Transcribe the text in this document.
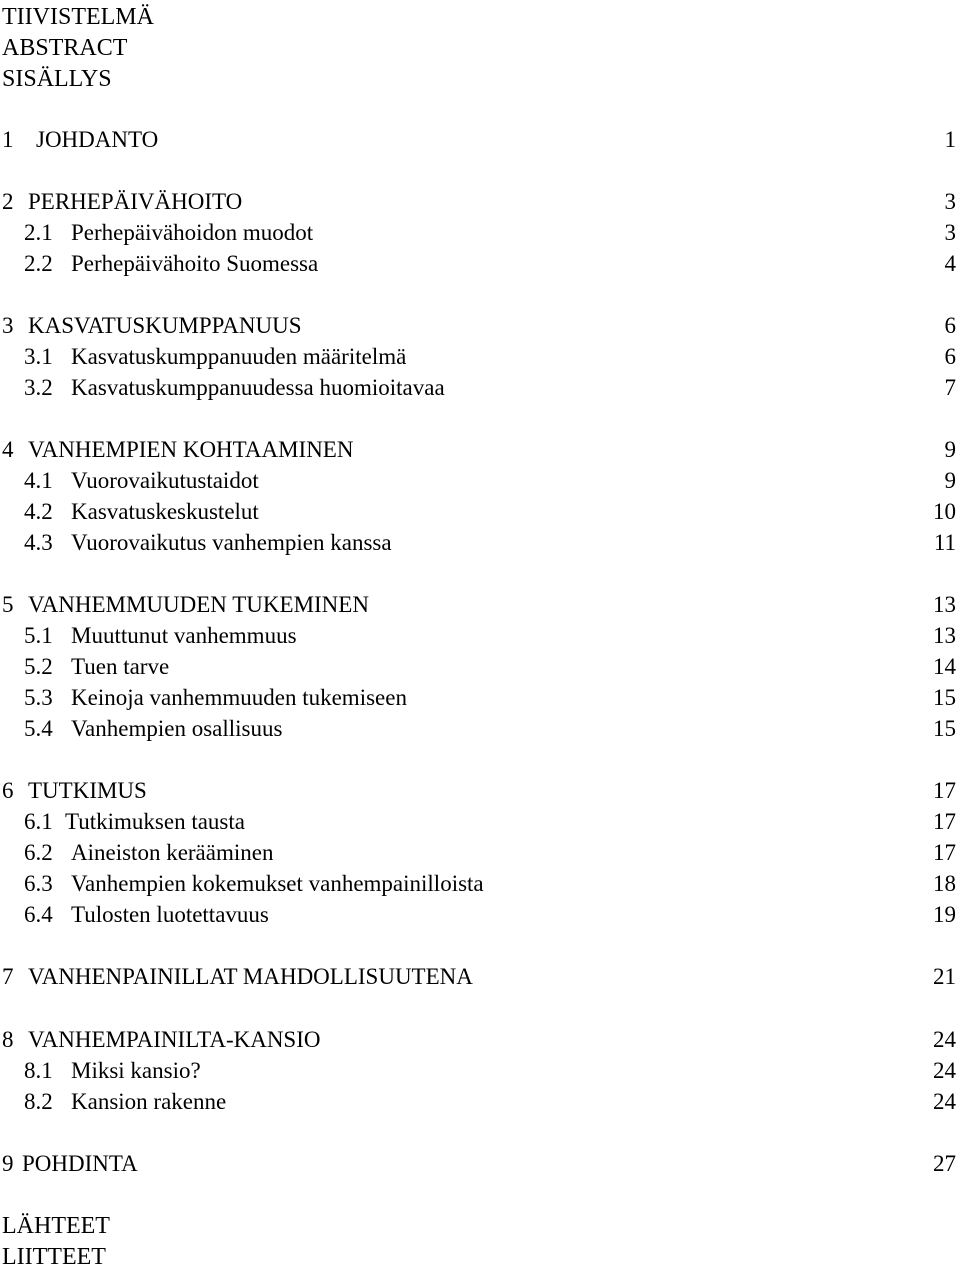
TIIVISTELMÄ
ABSTRACT
SISÄLLYS
1 JOHDANTO	1
2 PERHEPÄIVÄHOITO	3
2.1 Perhepäivähoidon muodot	3
2.2 Perhepäivähoito Suomessa	4
3 KASVATUSKUMPPANUUS	6
3.1 Kasvatuskumppanuuden määritelmä	6
3.2 Kasvatuskumppanuudessa huomioitavaa	7
4 VANHEMPIEN KOHTAAMINEN	9
4.1 Vuorovaikutustaidot	9
4.2 Kasvatuskeskustelut	10
4.3 Vuorovaikutus vanhempien kanssa	11
5 VANHEMMUUDEN TUKEMINEN	13
5.1 Muuttunut vanhemmuus	13
5.2 Tuen tarve	14
5.3 Keinoja vanhemmuuden tukemiseen	15
5.4 Vanhempien osallisuus	15
6 TUTKIMUS	17
6.1 Tutkimuksen tausta	17
6.2 Aineiston kerääminen	17
6.3 Vanhempien kokemukset vanhempainilloista	18
6.4 Tulosten luotettavuus	19
7 VANHENPAINILLAT MAHDOLLISUUTENA	21
8 VANHEMPAINILTA-KANSIO	24
8.1 Miksi kansio?	24
8.2 Kansion rakenne	24
9 POHDINTA	27
LÄHTEET
LIITTEET
